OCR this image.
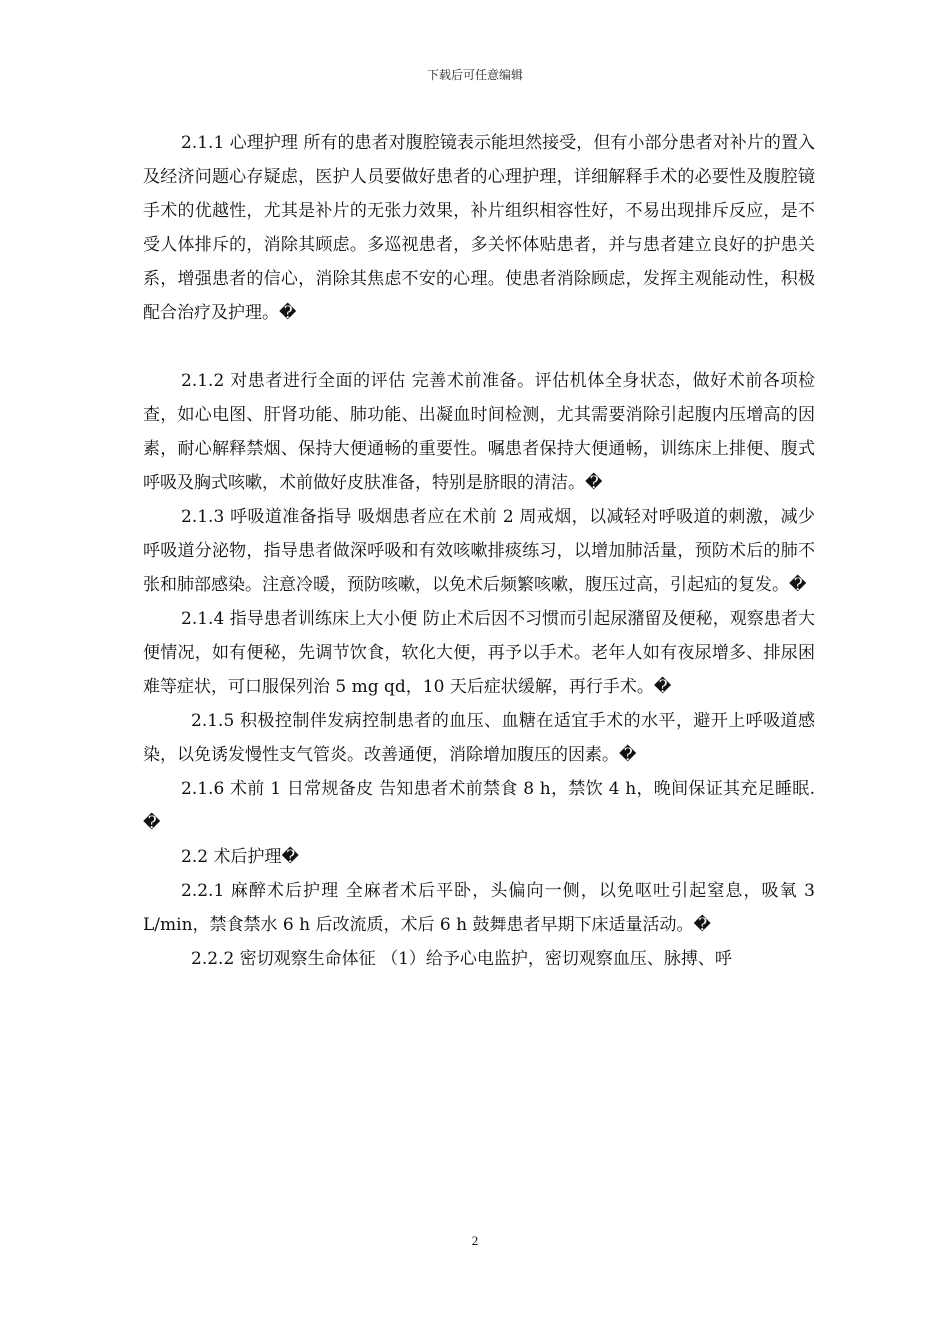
下载后可任意编辑

2.1.1 心理护理 所有的患者对腹腔镜表示能坦然接受，但有小部分患者对补片的置入及经济问题心存疑虑，医护人员要做好患者的心理护理，详细解释手术的必要性及腹腔镜手术的优越性，尤其是补片的无张力效果，补片组织相容性好，不易出现排斥反应，是不受人体排斥的，消除其顾虑。多巡视患者，多关怀体贴患者，并与患者建立良好的护患关系，增强患者的信心，消除其焦虑不安的心理。使患者消除顾虑，发挥主观能动性，积极配合治疗及护理。�

2.1.2 对患者进行全面的评估 完善术前准备。评估机体全身状态，做好术前各项检查，如心电图、肝肾功能、肺功能、出凝血时间检测，尤其需要消除引起腹内压增高的因素，耐心解释禁烟、保持大便通畅的重要性。嘱患者保持大便通畅，训练床上排便、腹式呼吸及胸式咳嗽，术前做好皮肤准备，特别是脐眼的清洁。�

2.1.3 呼吸道准备指导 吸烟患者应在术前 2 周戒烟，以减轻对呼吸道的刺激，减少呼吸道分泌物，指导患者做深呼吸和有效咳嗽排痰练习，以增加肺活量，预防术后的肺不张和肺部感染。注意冷暖，预防咳嗽，以免术后频繁咳嗽，腹压过高，引起疝的复发。�

2.1.4 指导患者训练床上大小便 防止术后因不习惯而引起尿潴留及便秘，观察患者大便情况，如有便秘，先调节饮食，软化大便，再予以手术。老年人如有夜尿增多、排尿困难等症状，可口服保列治 5 mg qd，10 天后症状缓解，再行手术。�

2.1.5 积极控制伴发病控制患者的血压、血糖在适宜手术的水平，避开上呼吸道感染，以免诱发慢性支气管炎。改善通便，消除增加腹压的因素。�

2.1.6 术前 1 日常规备皮 告知患者术前禁食 8 h，禁饮 4 h，晚间保证其充足睡眠. �

2.2 术后护理�

2.2.1 麻醉术后护理 全麻者术后平卧，头偏向一侧，以免呕吐引起窒息，吸氧 3 L/min，禁食禁水 6 h 后改流质，术后 6 h 鼓舞患者早期下床适量活动。�

2.2.2 密切观察生命体征 （1）给予心电监护，密切观察血压、脉搏、呼

2
